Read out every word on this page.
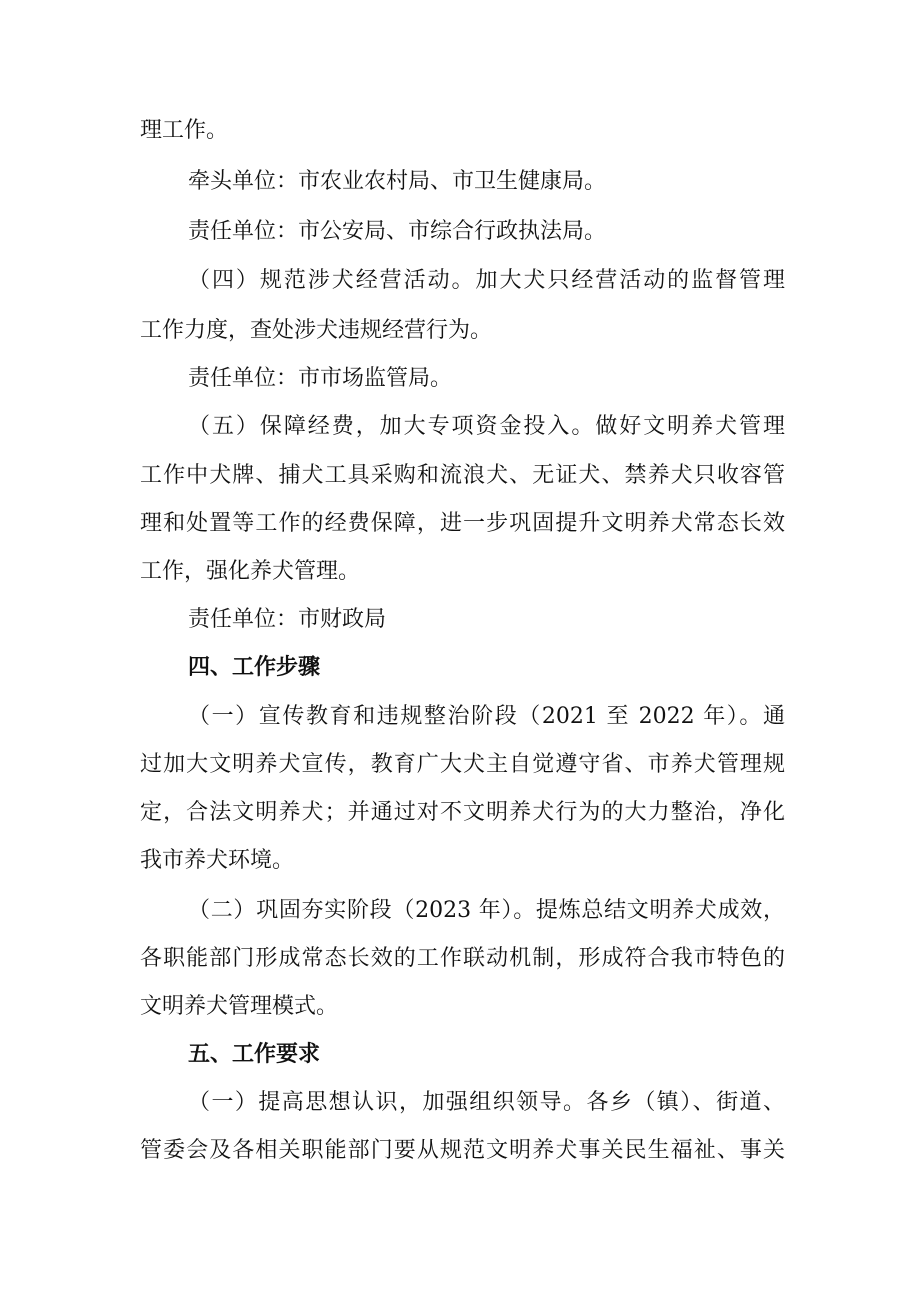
理工作。
牵头单位：市农业农村局、市卫生健康局。
责任单位：市公安局、市综合行政执法局。
（四）规范涉犬经营活动。加大犬只经营活动的监督管理
工作力度，查处涉犬违规经营行为。
责任单位：市市场监管局。
（五）保障经费，加大专项资金投入。做好文明养犬管理
工作中犬牌、捕犬工具采购和流浪犬、无证犬、禁养犬只收容管
理和处置等工作的经费保障，进一步巩固提升文明养犬常态长效
工作，强化养犬管理。
责任单位：市财政局
四、工作步骤
（一）宣传教育和违规整治阶段（2021 至 2022 年）。通
过加大文明养犬宣传，教育广大犬主自觉遵守省、市养犬管理规
定，合法文明养犬；并通过对不文明养犬行为的大力整治，净化
我市养犬环境。
（二）巩固夯实阶段（2023 年）。提炼总结文明养犬成效，
各职能部门形成常态长效的工作联动机制，形成符合我市特色的
文明养犬管理模式。
五、工作要求
（一）提高思想认识，加强组织领导。各乡（镇）、街道、
管委会及各相关职能部门要从规范文明养犬事关民生福祉、事关
